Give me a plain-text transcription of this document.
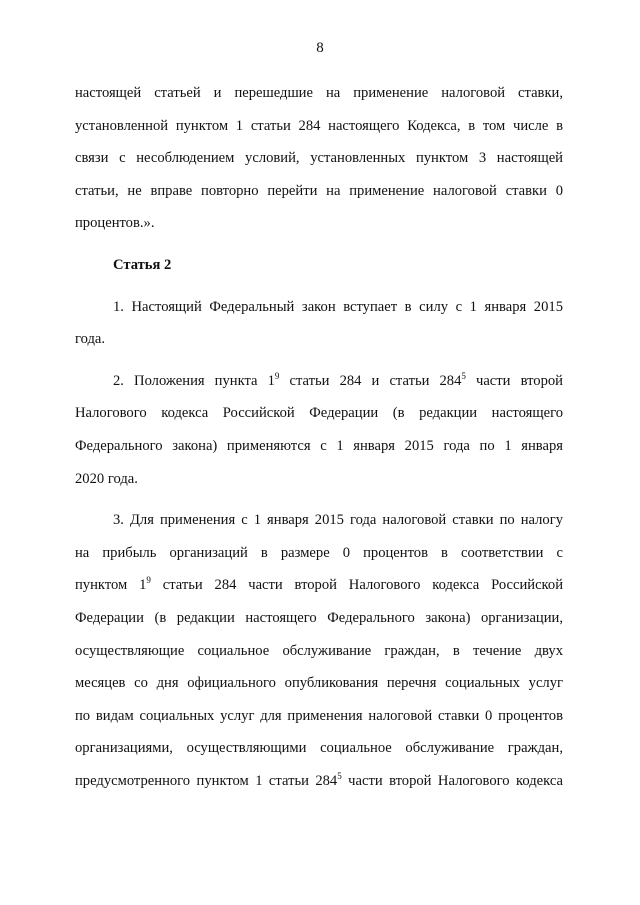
8
настоящей статьей и перешедшие на применение налоговой ставки,
установленной пунктом 1 статьи 284 настоящего Кодекса, в том числе в
связи с несоблюдением условий, установленных пунктом 3 настоящей
статьи, не вправе повторно перейти на применение налоговой ставки 0
процентов.».
Статья 2
1. Настоящий Федеральный закон вступает в силу с 1 января 2015
года.
2. Положения пункта $1^9$ статьи 284 и статьи $284^5$ части второй
Налогового кодекса Российской Федерации (в редакции настоящего
Федерального закона) применяются с 1 января 2015 года по 1 января
2020 года.
3. Для применения с 1 января 2015 года налоговой ставки по налогу
на прибыль организаций в размере 0 процентов в соответствии с
пунктом $1^9$ статьи 284 части второй Налогового кодекса Российской
Федерации (в редакции настоящего Федерального закона) организации,
осуществляющие социальное обслуживание граждан, в течение двух
месяцев со дня официального опубликования перечня социальных услуг
по видам социальных услуг для применения налоговой ставки 0 процентов
организациями, осуществляющими социальное обслуживание граждан,
предусмотренного пунктом 1 статьи $284^5$ части второй Налогового кодекса
